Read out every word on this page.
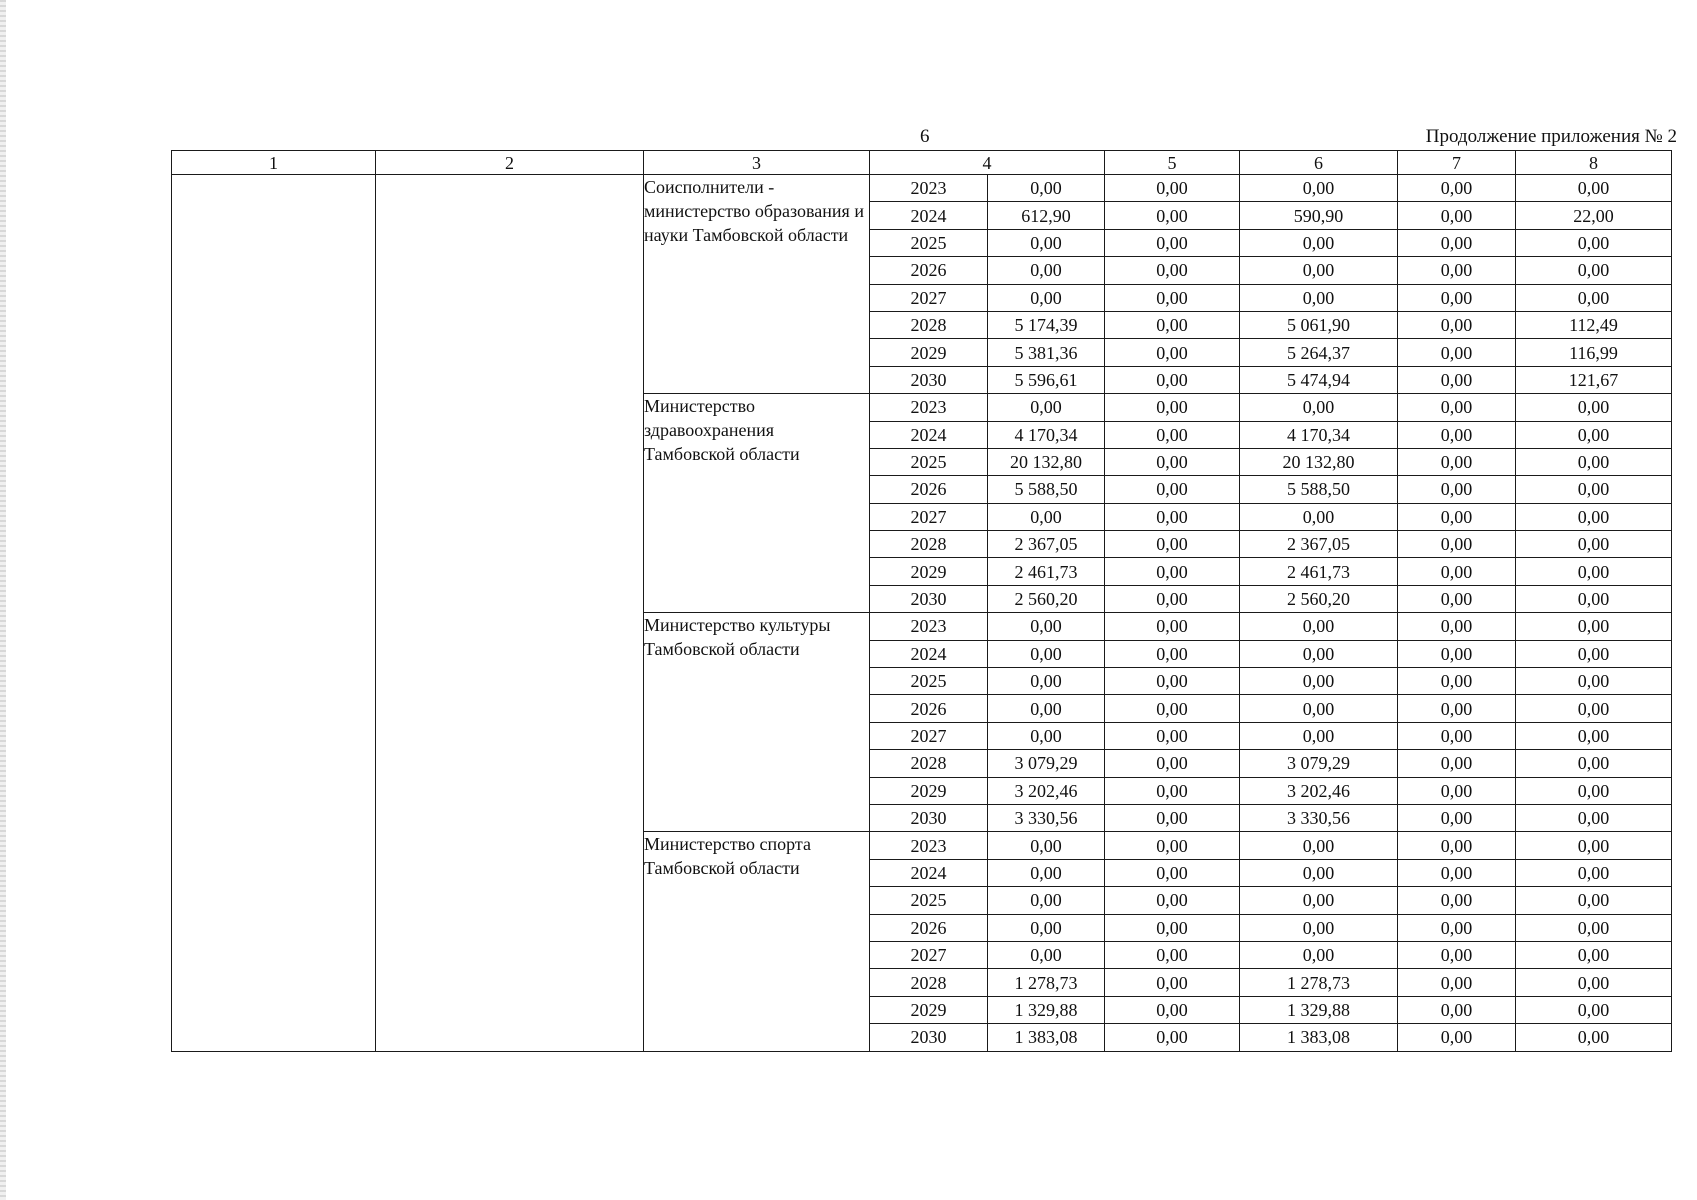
6	Продолжение приложения № 2
1	2	3	4		5	6	7	8
		Соисполнители - министерство образования и науки Тамбовской области	2023	0,00	0,00	0,00	0,00	0,00
			2024	612,90	0,00	590,90	0,00	22,00
			2025	0,00	0,00	0,00	0,00	0,00
			2026	0,00	0,00	0,00	0,00	0,00
			2027	0,00	0,00	0,00	0,00	0,00
			2028	5 174,39	0,00	5 061,90	0,00	112,49
			2029	5 381,36	0,00	5 264,37	0,00	116,99
			2030	5 596,61	0,00	5 474,94	0,00	121,67
		Министерство здравоохранения Тамбовской области	2023	0,00	0,00	0,00	0,00	0,00
			2024	4 170,34	0,00	4 170,34	0,00	0,00
			2025	20 132,80	0,00	20 132,80	0,00	0,00
			2026	5 588,50	0,00	5 588,50	0,00	0,00
			2027	0,00	0,00	0,00	0,00	0,00
			2028	2 367,05	0,00	2 367,05	0,00	0,00
			2029	2 461,73	0,00	2 461,73	0,00	0,00
			2030	2 560,20	0,00	2 560,20	0,00	0,00
		Министерство культуры Тамбовской области	2023	0,00	0,00	0,00	0,00	0,00
			2024	0,00	0,00	0,00	0,00	0,00
			2025	0,00	0,00	0,00	0,00	0,00
			2026	0,00	0,00	0,00	0,00	0,00
			2027	0,00	0,00	0,00	0,00	0,00
			2028	3 079,29	0,00	3 079,29	0,00	0,00
			2029	3 202,46	0,00	3 202,46	0,00	0,00
			2030	3 330,56	0,00	3 330,56	0,00	0,00
		Министерство спорта Тамбовской области	2023	0,00	0,00	0,00	0,00	0,00
			2024	0,00	0,00	0,00	0,00	0,00
			2025	0,00	0,00	0,00	0,00	0,00
			2026	0,00	0,00	0,00	0,00	0,00
			2027	0,00	0,00	0,00	0,00	0,00
			2028	1 278,73	0,00	1 278,73	0,00	0,00
			2029	1 329,88	0,00	1 329,88	0,00	0,00
			2030	1 383,08	0,00	1 383,08	0,00	0,00
